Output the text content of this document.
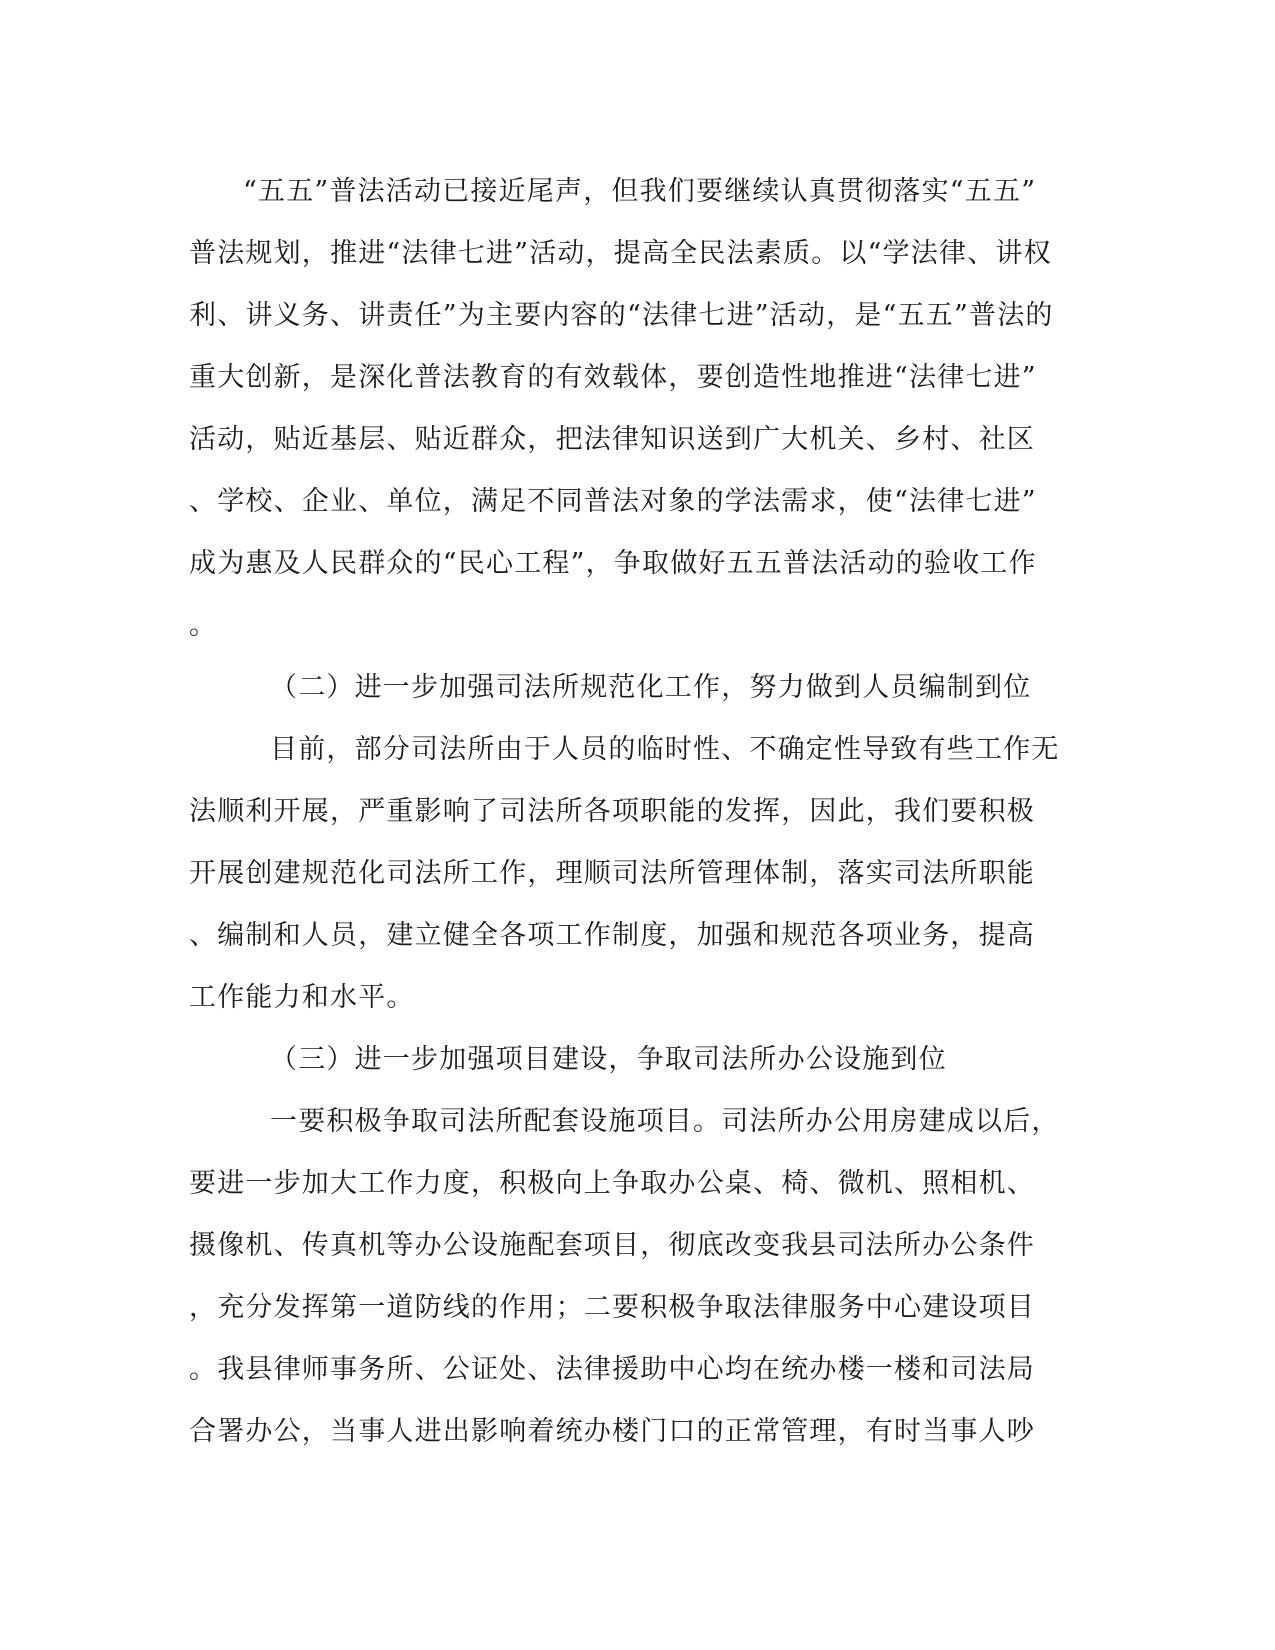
“五五”普法活动已接近尾声，但我们要继续认真贯彻落实“五五”
普法规划，推进“法律七进”活动，提高全民法素质。以“学法律、讲权
利、讲义务、讲责任”为主要内容的“法律七进”活动，是“五五”普法的
重大创新，是深化普法教育的有效载体，要创造性地推进“法律七进”
活动，贴近基层、贴近群众，把法律知识送到广大机关、乡村、社区
、学校、企业、单位，满足不同普法对象的学法需求，使“法律七进”
成为惠及人民群众的“民心工程”，争取做好五五普法活动的验收工作
。
（二）进一步加强司法所规范化工作，努力做到人员编制到位
目前，部分司法所由于人员的临时性、不确定性导致有些工作无
法顺利开展，严重影响了司法所各项职能的发挥，因此，我们要积极
开展创建规范化司法所工作，理顺司法所管理体制，落实司法所职能
、编制和人员，建立健全各项工作制度，加强和规范各项业务，提高
工作能力和水平。
（三）进一步加强项目建设，争取司法所办公设施到位
一要积极争取司法所配套设施项目。司法所办公用房建成以后，
要进一步加大工作力度，积极向上争取办公桌、椅、微机、照相机、
摄像机、传真机等办公设施配套项目，彻底改变我县司法所办公条件
，充分发挥第一道防线的作用；二要积极争取法律服务中心建设项目
。我县律师事务所、公证处、法律援助中心均在统办楼一楼和司法局
合署办公，当事人进出影响着统办楼门口的正常管理，有时当事人吵
